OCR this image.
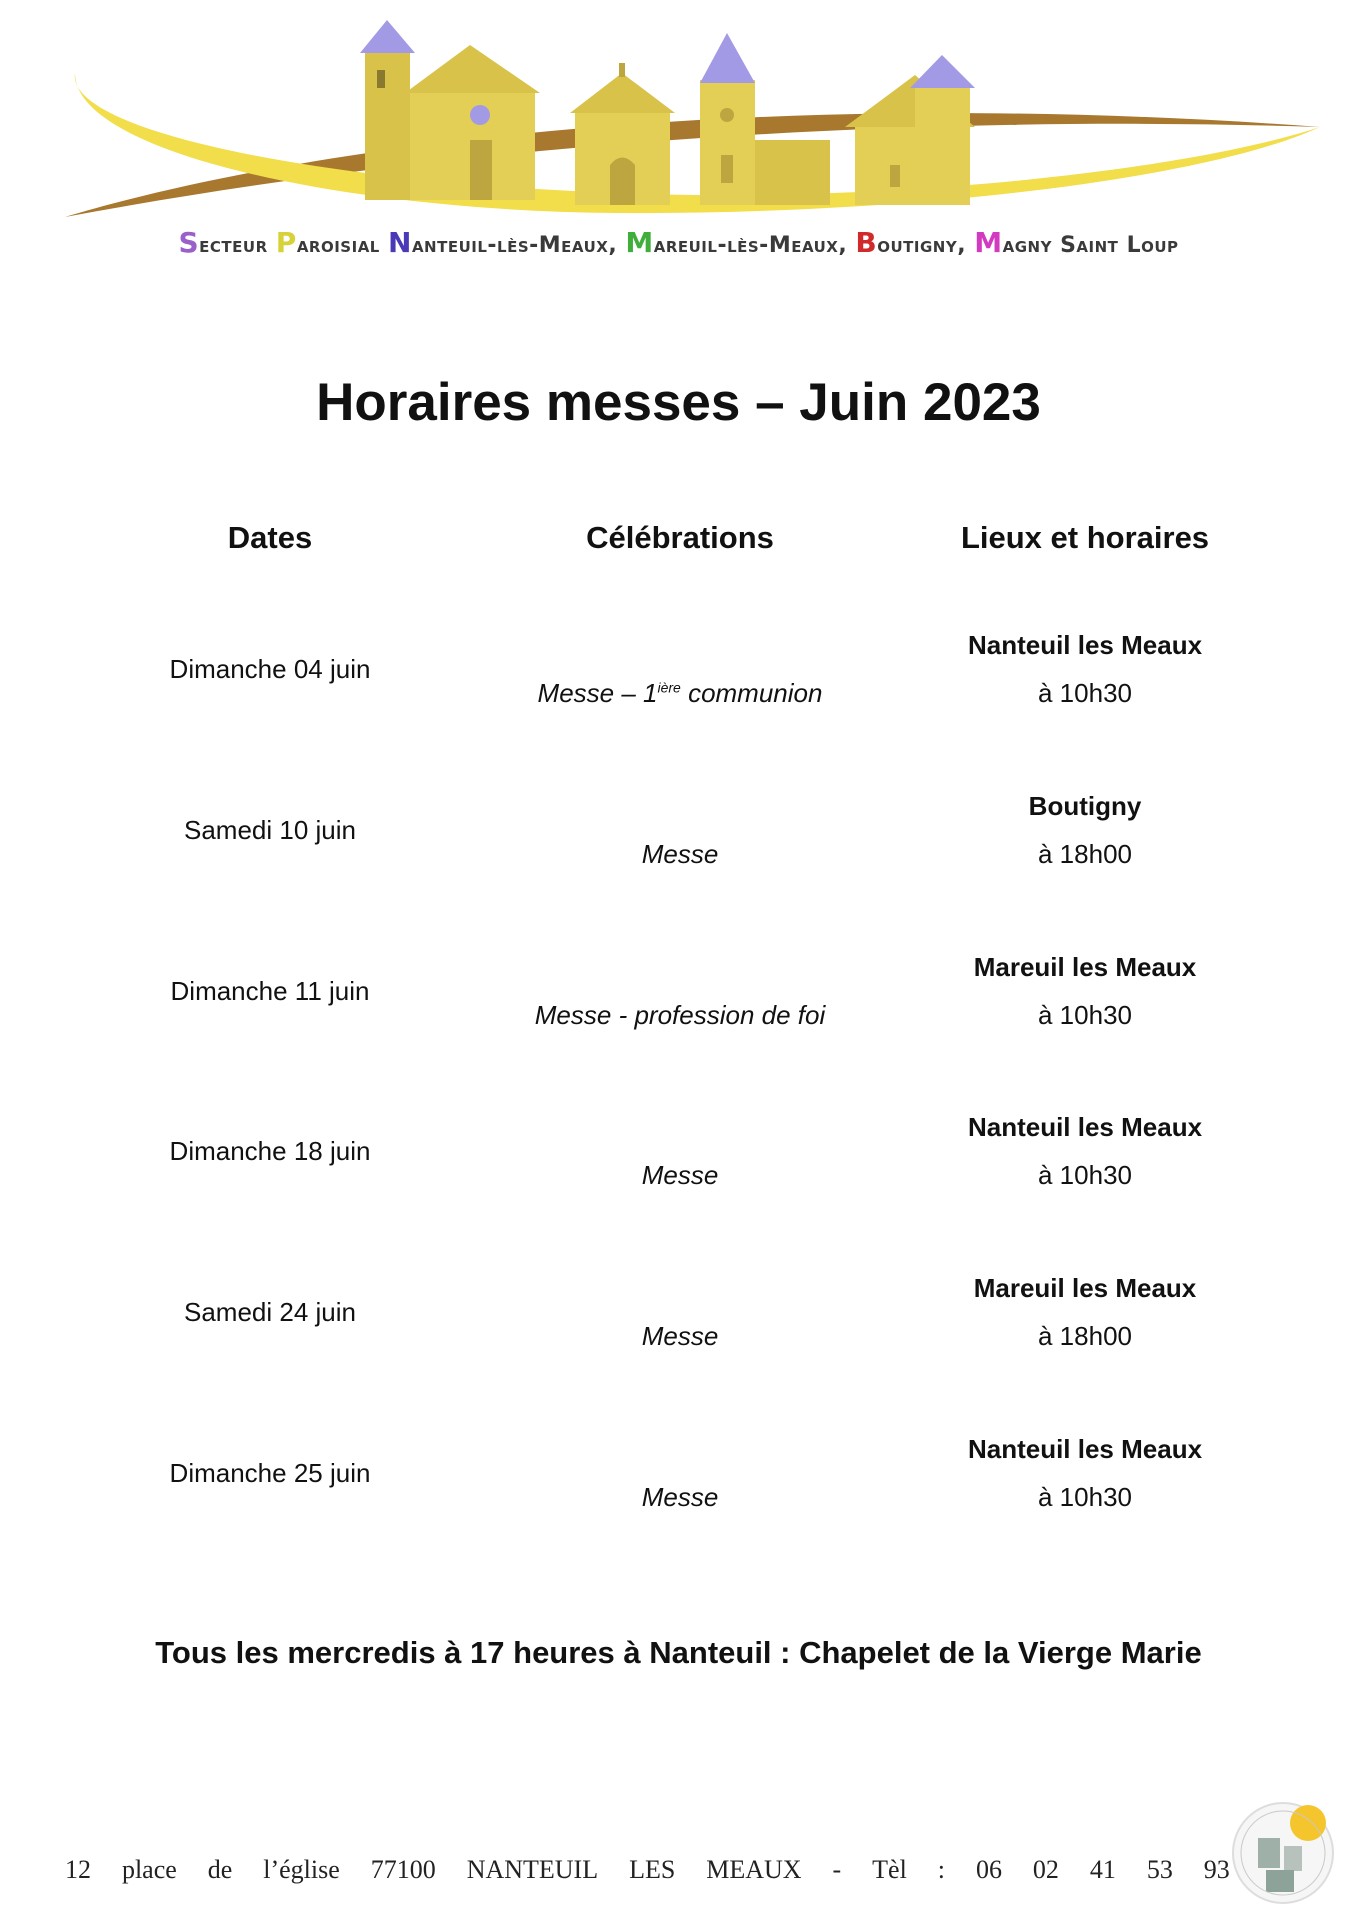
Secteur Paroisial Nanteuil-lès-Meaux, Mareuil-lès-Meaux, Boutigny, Magny Saint Loup
Horaires messes – Juin 2023
Dates	Célébrations	Lieux et horaires
Dimanche 04 juin
Messe – $1^{ière}$ communion
Nanteuil les Meaux
à 10h30
Samedi 10 juin
Messe
Boutigny
à 18h00
Dimanche 11 juin
Messe - profession de foi
Mareuil les Meaux
à 10h30
Dimanche 18 juin
Messe
Nanteuil les Meaux
à 10h30
Samedi 24 juin
Messe
Mareuil les Meaux
à 18h00
Dimanche 25 juin
Messe
Nanteuil les Meaux
à 10h30
Tous les mercredis à 17 heures à Nanteuil : Chapelet de la Vierge Marie
12 place de l’église 77100 NANTEUIL LES MEAUX - Tèl : 06 02 41 53 93
